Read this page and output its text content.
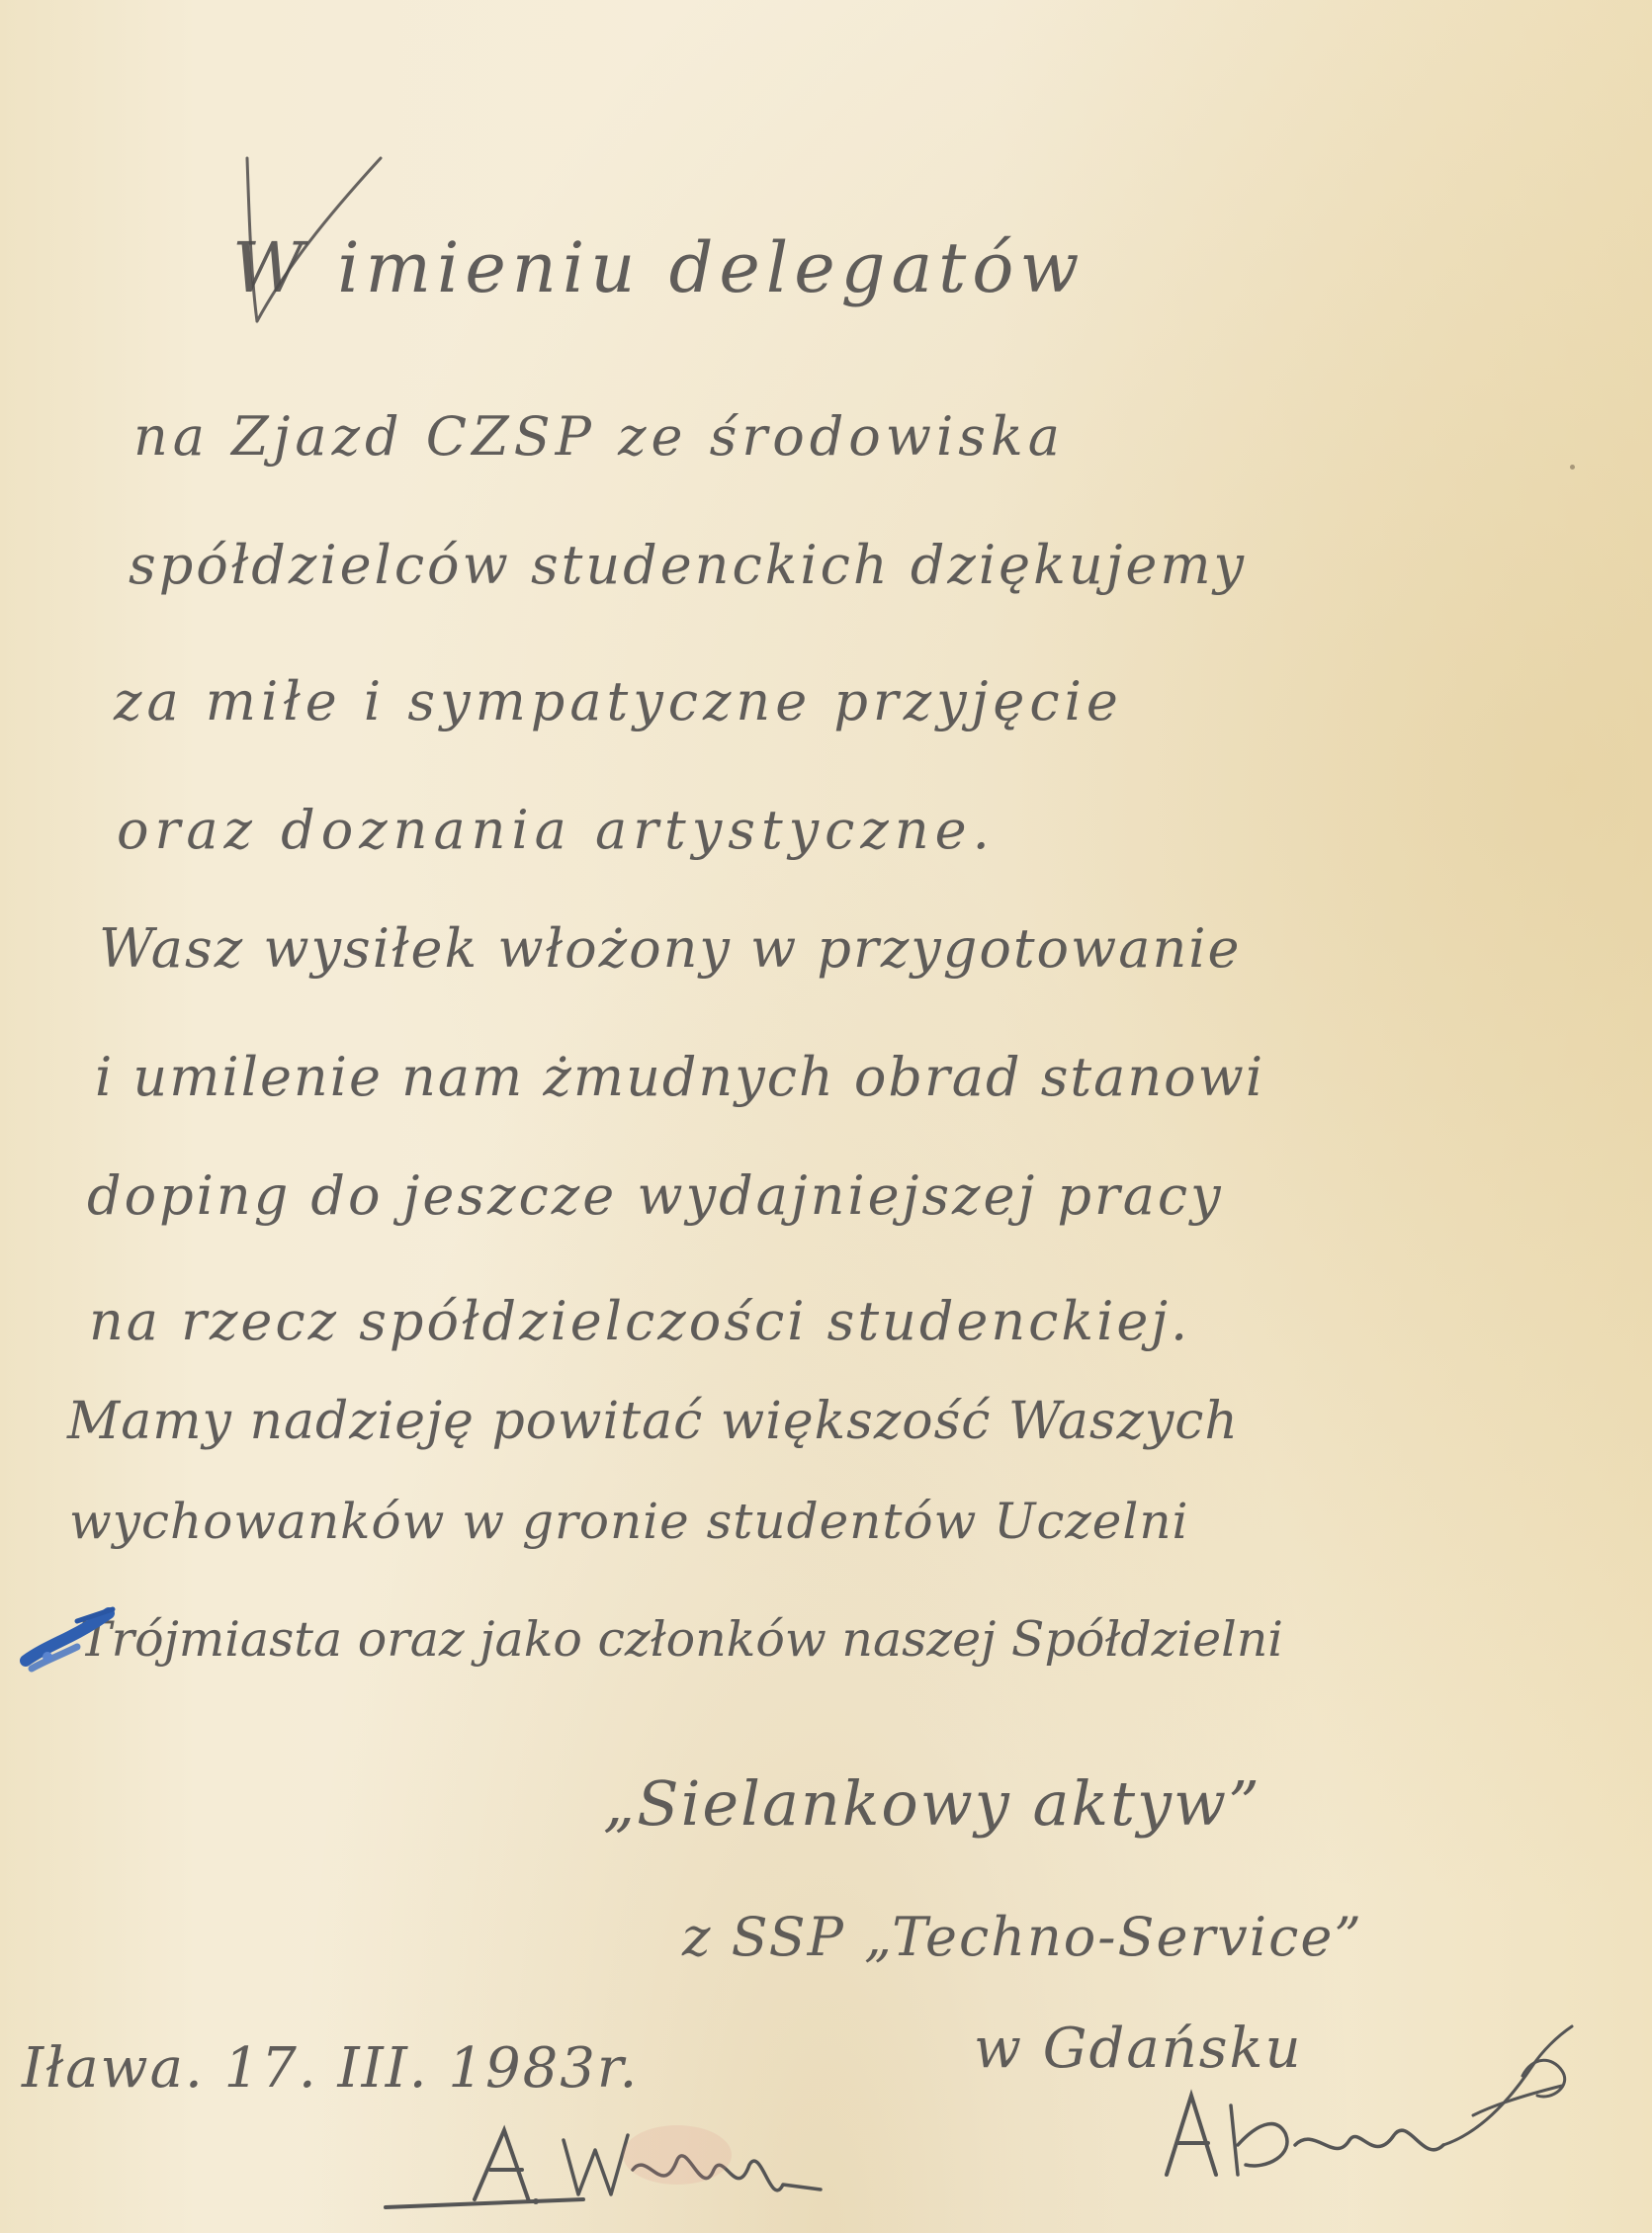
W imieniu delegatów
na Zjazd CZSP ze środowiska
spółdzielców studenckich dziękujemy
za miłe i sympatyczne przyjęcie
oraz doznania artystyczne.
Wasz wysiłek włożony w przygotowanie
i umilenie nam żmudnych obrad stanowi
doping do jeszcze wydajniejszej pracy
na rzecz spółdzielczości studenckiej.
Mamy nadzieję powitać większość Waszych
wychowanków w gronie studentów Uczelni
Trójmiasta oraz jako członków naszej Spółdzielni
„Sielankowy aktyw”
z SSP „Techno-Service”
w Gdańsku
Iława. 17. III. 1983r.
